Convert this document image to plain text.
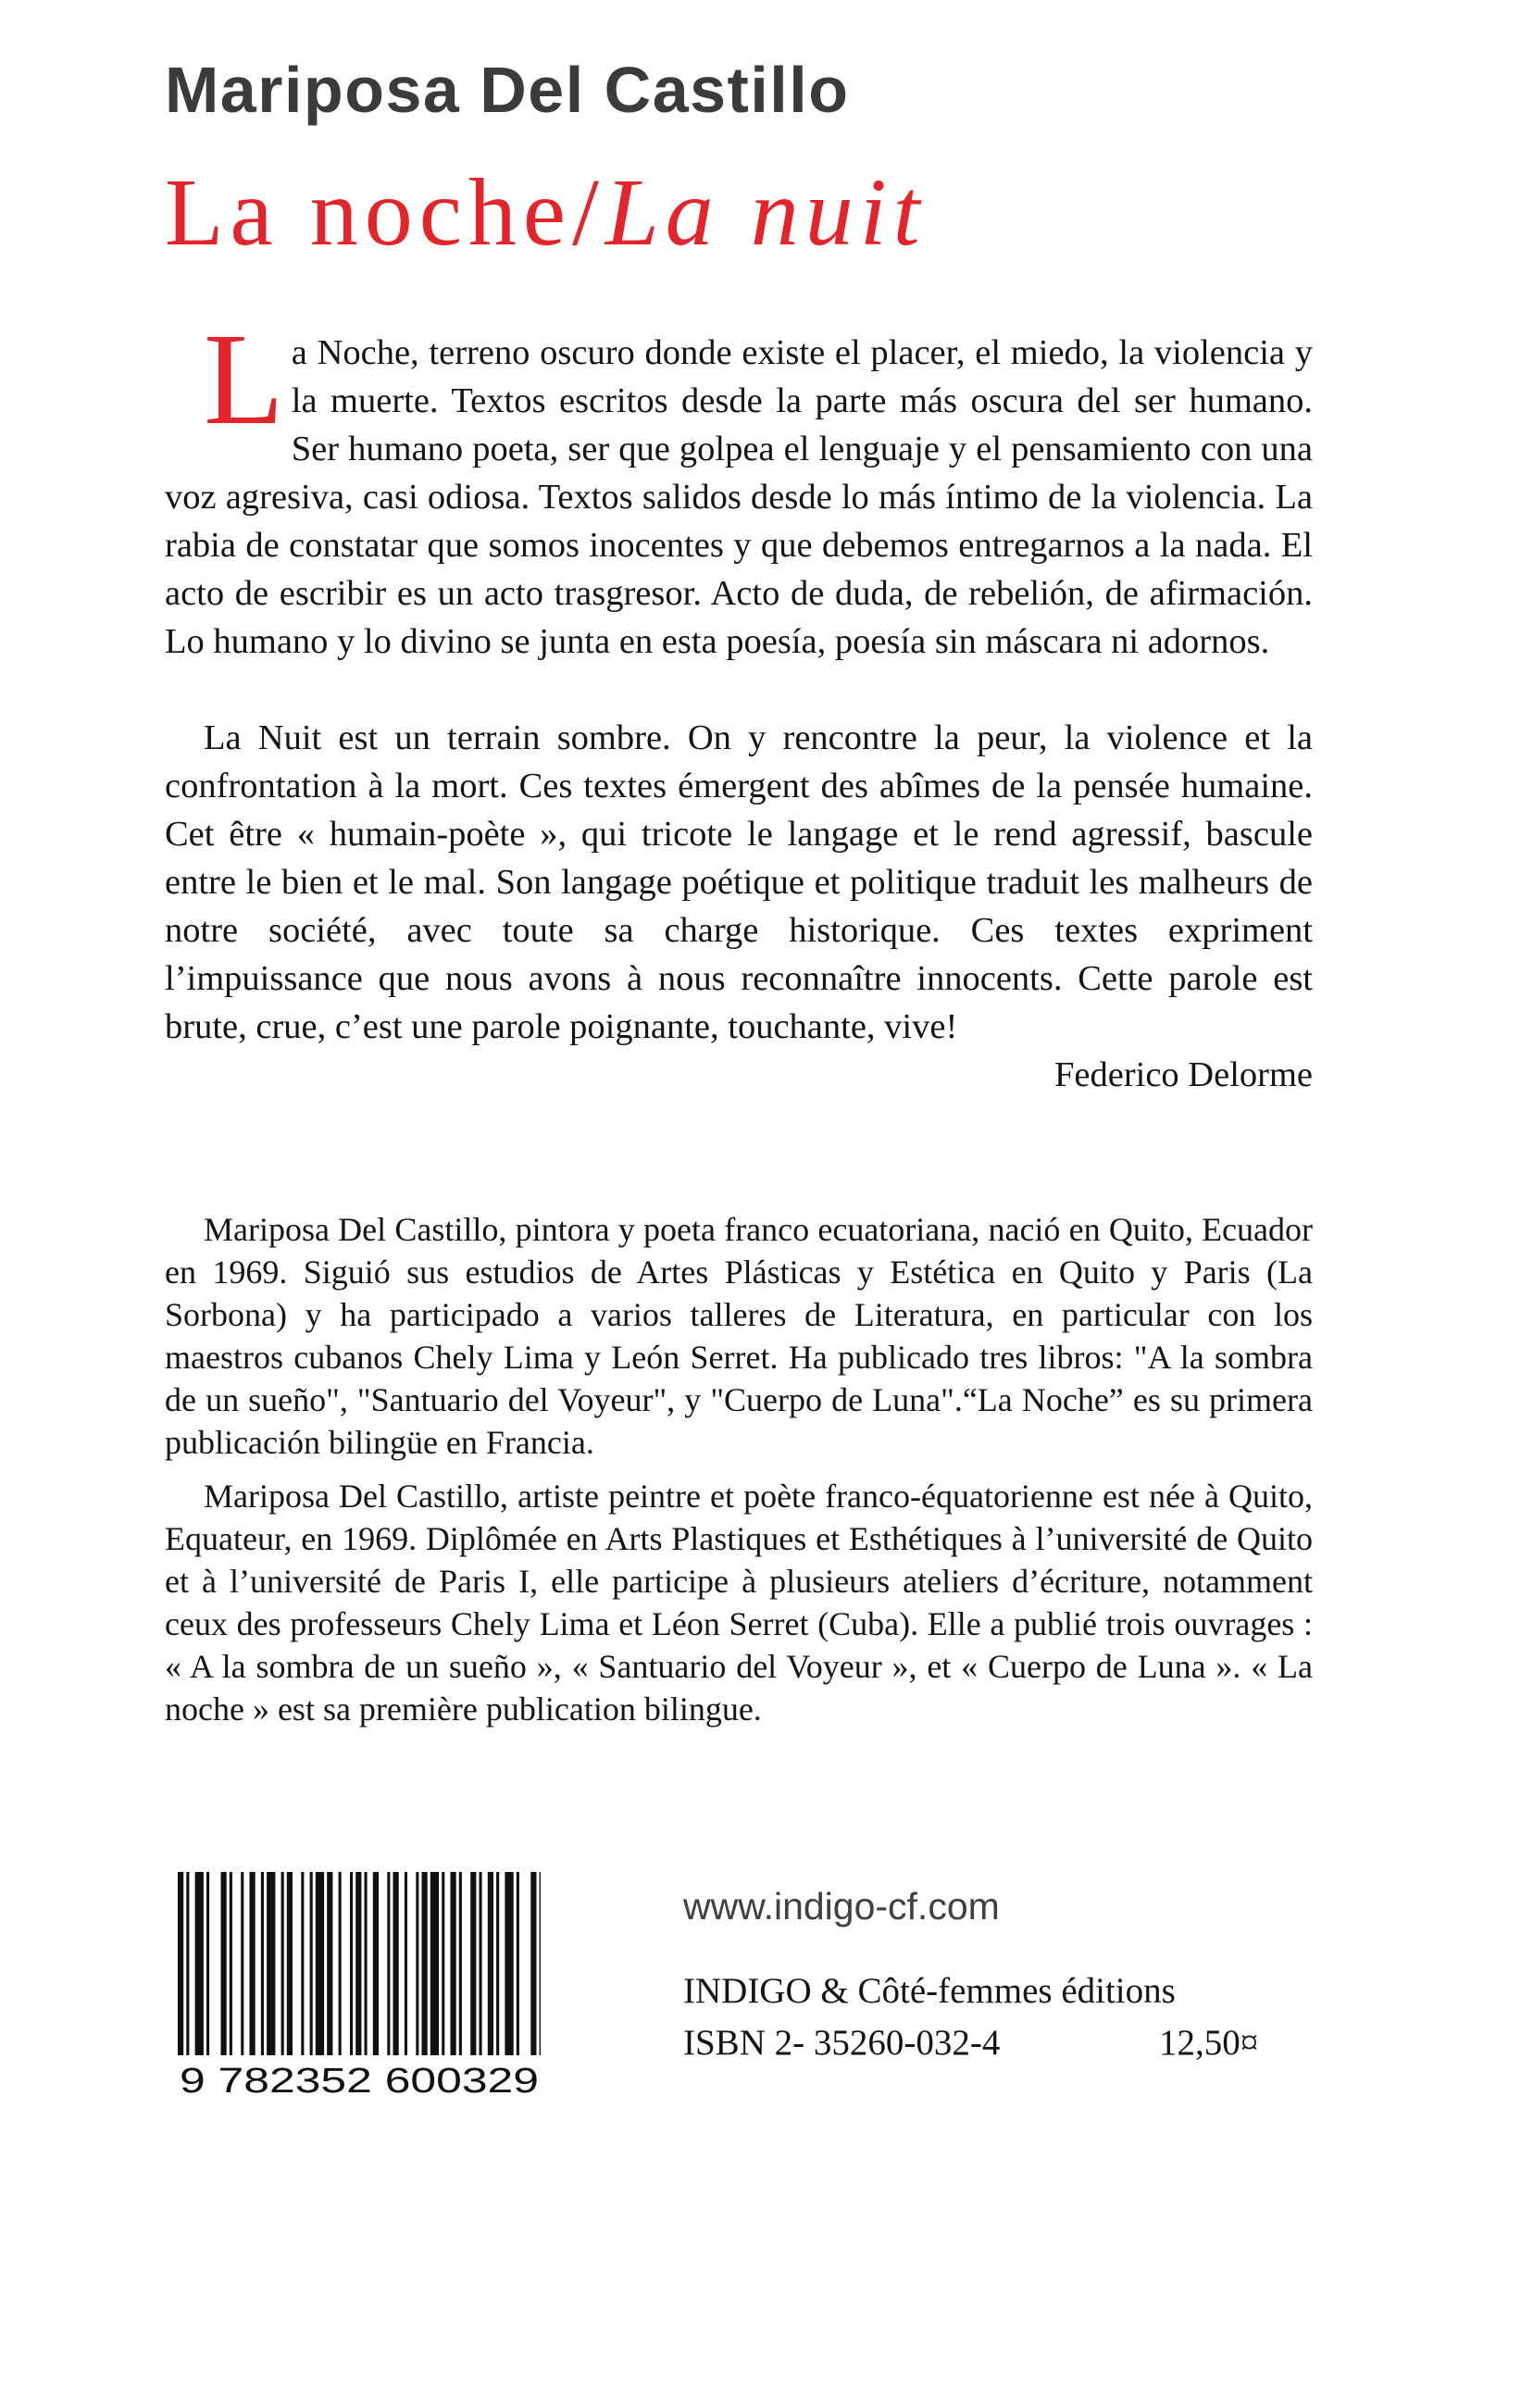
Mariposa Del Castillo
La noche/La nuit

La Noche, terreno oscuro donde existe el placer, el miedo, la violencia y la muerte. Textos escritos desde la parte más oscura del ser humano. Ser humano poeta, ser que golpea el lenguaje y el pensamiento con una voz agresiva, casi odiosa. Textos salidos desde lo más íntimo de la violencia. La rabia de constatar que somos inocentes y que debemos entregarnos a la nada. El acto de escribir es un acto trasgresor. Acto de duda, de rebelión, de afirmación. Lo humano y lo divino se junta en esta poesía, poesía sin máscara ni adornos.

La Nuit est un terrain sombre. On y rencontre la peur, la violence et la confrontation à la mort. Ces textes émergent des abîmes de la pensée humaine. Cet être « humain-poète », qui tricote le langage et le rend agressif, bascule entre le bien et le mal. Son langage poétique et politique traduit les malheurs de notre société, avec toute sa charge historique. Ces textes expriment l’impuissance que nous avons à nous reconnaître innocents. Cette parole est brute, crue, c’est une parole poignante, touchante, vive!

Federico Delorme

Mariposa Del Castillo, pintora y poeta franco ecuatoriana, nació en Quito, Ecuador en 1969. Siguió sus estudios de Artes Plásticas y Estética en Quito y Paris (La Sorbona) y ha participado a varios talleres de Literatura, en particular con los maestros cubanos Chely Lima y León Serret. Ha publicado tres libros: "A la sombra de un sueño", "Santuario del Voyeur", y "Cuerpo de Luna".“La Noche” es su primera publicación bilingüe en Francia.

Mariposa Del Castillo, artiste peintre et poète franco-équatorienne est née à Quito, Equateur, en 1969. Diplômée en Arts Plastiques et Esthétiques à l’université de Quito et à l’université de Paris I, elle participe à plusieurs ateliers d’écriture, notamment ceux des professeurs Chely Lima et Léon Serret (Cuba). Elle a publié trois ouvrages : « A la sombra de un sueño », « Santuario del Voyeur », et « Cuerpo de Luna ». « La noche » est sa première publication bilingue.

9 782352 600329

www.indigo-cf.com

INDIGO & Côté-femmes éditions

ISBN 2- 35260-032-4	12,50¤
